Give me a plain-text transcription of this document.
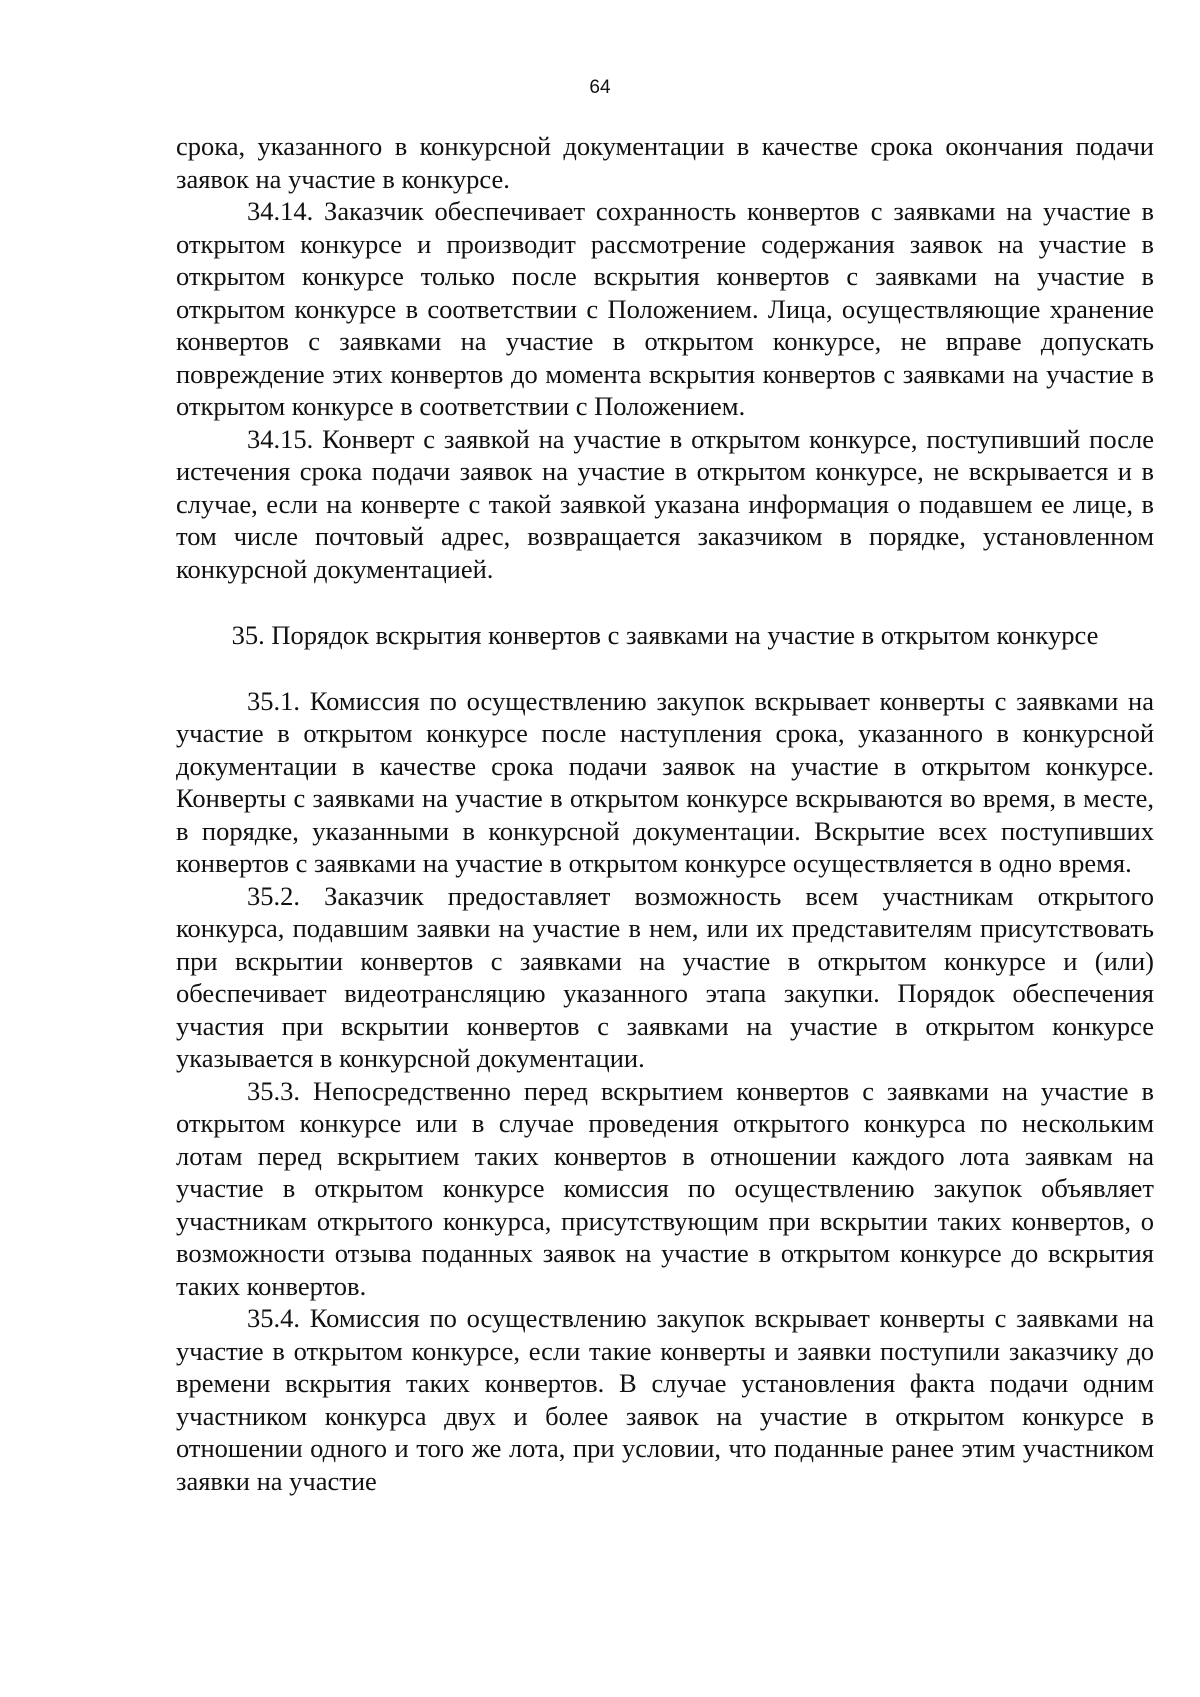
64

срока, указанного в конкурсной документации в качестве срока окончания подачи заявок на участие в конкурсе.

34.14. Заказчик обеспечивает сохранность конвертов с заявками на участие в открытом конкурсе и производит рассмотрение содержания заявок на участие в открытом конкурсе только после вскрытия конвертов с заявками на участие в открытом конкурсе в соответствии с Положением. Лица, осуществляющие хранение конвертов с заявками на участие в открытом конкурсе, не вправе допускать повреждение этих конвертов до момента вскрытия конвертов с заявками на участие в открытом конкурсе в соответствии с Положением.

34.15. Конверт с заявкой на участие в открытом конкурсе, поступивший после истечения срока подачи заявок на участие в открытом конкурсе, не вскрывается и в случае, если на конверте с такой заявкой указана информация о подавшем ее лице, в том числе почтовый адрес, возвращается заказчиком в порядке, установленном конкурсной документацией.

35. Порядок вскрытия конвертов с заявками на участие в открытом конкурсе

35.1. Комиссия по осуществлению закупок вскрывает конверты с заявками на участие в открытом конкурсе после наступления срока, указанного в конкурсной документации в качестве срока подачи заявок на участие в открытом конкурсе. Конверты с заявками на участие в открытом конкурсе вскрываются во время, в месте, в порядке, указанными в конкурсной документации. Вскрытие всех поступивших конвертов с заявками на участие в открытом конкурсе осуществляется в одно время.

35.2. Заказчик предоставляет возможность всем участникам открытого конкурса, подавшим заявки на участие в нем, или их представителям присутствовать при вскрытии конвертов с заявками на участие в открытом конкурсе и (или) обеспечивает видеотрансляцию указанного этапа закупки. Порядок обеспечения участия при вскрытии конвертов с заявками на участие в открытом конкурсе указывается в конкурсной документации.

35.3. Непосредственно перед вскрытием конвертов с заявками на участие в открытом конкурсе или в случае проведения открытого конкурса по нескольким лотам перед вскрытием таких конвертов в отношении каждого лота заявкам на участие в открытом конкурсе комиссия по осуществлению закупок объявляет участникам открытого конкурса, присутствующим при вскрытии таких конвертов, о возможности отзыва поданных заявок на участие в открытом конкурсе до вскрытия таких конвертов.

35.4. Комиссия по осуществлению закупок вскрывает конверты с заявками на участие в открытом конкурсе, если такие конверты и заявки поступили заказчику до времени вскрытия таких конвертов. В случае установления факта подачи одним участником конкурса двух и более заявок на участие в открытом конкурсе в отношении одного и того же лота, при условии, что поданные ранее этим участником заявки на участие
